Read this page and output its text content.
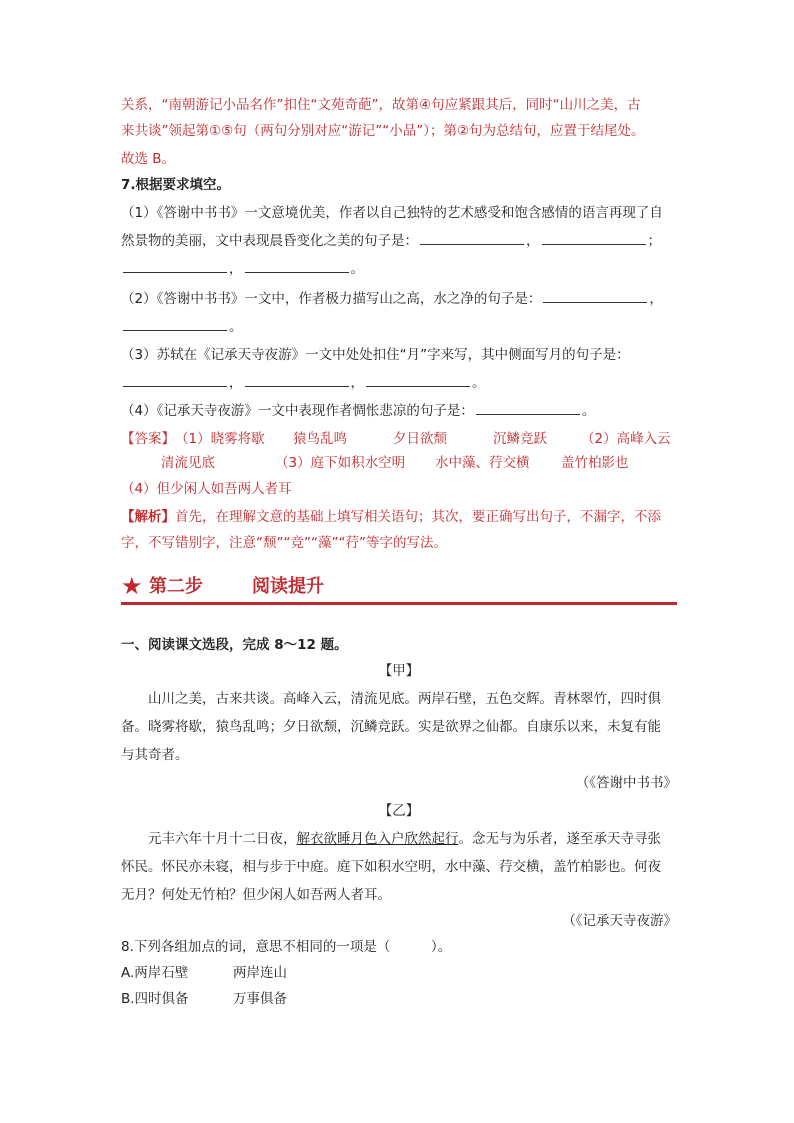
关系，“南朝游记小品名作”扣住“文苑奇葩”，故第④句应紧跟其后，同时“山川之美，古
来共谈”领起第①⑤句（两句分别对应“游记”“小品”）；第②句为总结句，应置于结尾处。
故选 B。
7.根据要求填空。
（1）《答谢中书书》一文意境优美，作者以自己独特的艺术感受和饱含感情的语言再现了自
然景物的美丽，文中表现晨昏变化之美的句子是：	，	；
，	。
（2）《答谢中书书》一文中，作者极力描写山之高，水之净的句子是：	，
。
（3）苏轼在《记承天寺夜游》一文中处处扣住“月”字来写，其中侧面写月的句子是：
，	，	。
（4）《记承天寺夜游》一文中表现作者惆怅悲凉的句子是：	。
【答案】（1）晓雾将歇 猿鸟乱鸣	夕日欲颓	沉鳞竞跃	（2）高峰入云
清流见底	（3）庭下如积水空明 水中藻、荇交横 盖竹柏影也
（4）但少闲人如吾两人者耳
【解析】首先，在理解文意的基础上填写相关语句；其次，要正确写出句子，不漏字，不添
字，不写错别字，注意“颓”“竞”“藻”“荇”等字的写法。
★ 第二步	阅读提升
一、阅读课文选段，完成 8～12 题。
【甲】
山川之美，古来共谈。高峰入云，清流见底。两岸石壁，五色交辉。青林翠竹，四时俱
备。晓雾将歇，猿鸟乱鸣；夕日欲颓，沉鳞竞跃。实是欲界之仙都。自康乐以来，未复有能
与其奇者。
（《答谢中书书》
【乙】
元丰六年十月十二日夜，解衣欲睡月色入户欣然起行。念无与为乐者，遂至承天寺寻张
怀民。怀民亦未寝，相与步于中庭。庭下如积水空明，水中藻、荇交横，盖竹柏影也。何夜
无月？何处无竹柏？但少闲人如吾两人者耳。
（《记承天寺夜游》
8.下列各组加点的词，意思不相同的一项是（　　　）。
A.两岸石壁	两岸连山
B.四时俱备	万事俱备
